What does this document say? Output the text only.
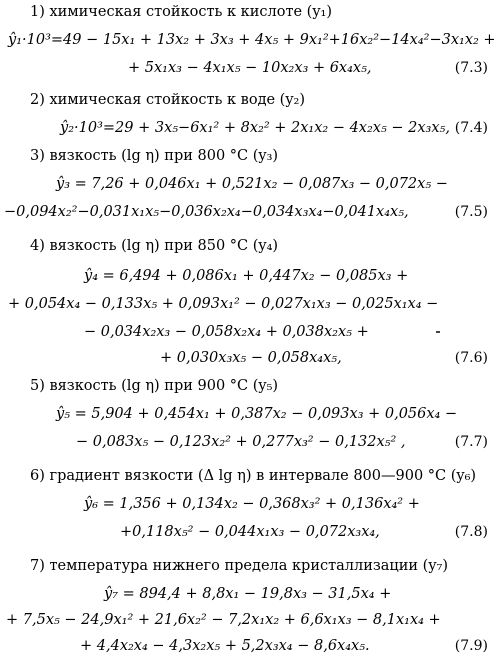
1) химическая стойкость к кислоте (y₁)
ŷ₁·10³=49 − 15x₁ + 13x₂ + 3x₃ + 4x₅ + 9x₁²+16x₂²−14x₄²−3x₁x₂ +
+ 5x₁x₃ − 4x₁x₅ − 10x₂x₃ + 6x₄x₅,	(7.3)
2) химическая стойкость к воде (y₂)
ŷ₂·10³=29 + 3x₅−6x₁² + 8x₂² + 2x₁x₂ − 4x₂x₅ − 2x₃x₅, (7.4)
3) вязкость (lg η) при 800 °C (y₃)
ŷ₃ = 7,26 + 0,046x₁ + 0,521x₂ − 0,087x₃ − 0,072x₅ −
−0,094x₂²−0,031x₁x₅−0,036x₂x₄−0,034x₃x₄−0,041x₄x₅,	(7.5)
4) вязкость (lg η) при 850 °C (y₄)
ŷ₄ = 6,494 + 0,086x₁ + 0,447x₂ − 0,085x₃ +
+ 0,054x₄ − 0,133x₅ + 0,093x₁² − 0,027x₁x₃ − 0,025x₁x₄ −
− 0,034x₂x₃ − 0,058x₂x₄ + 0,038x₂x₅ +
+ 0,030x₃x₅ − 0,058x₄x₅,	(7.6)
5) вязкость (lg η) при 900 °C (y₅)
ŷ₅ = 5,904 + 0,454x₁ + 0,387x₂ − 0,093x₃ + 0,056x₄ −
− 0,083x₅ − 0,123x₂² + 0,277x₃² − 0,132x₅² ,	(7.7)
6) градиент вязкости (Δ lg η) в интервале 800—900 °C (y₆)
ŷ₆ = 1,356 + 0,134x₂ − 0,368x₃² + 0,136x₄² +
+0,118x₅² − 0,044x₁x₃ − 0,072x₃x₄,	(7.8)
7) температура нижнего предела кристаллизации (y₇)
ŷ₇ = 894,4 + 8,8x₁ − 19,8x₃ − 31,5x₄ +
+ 7,5x₅ − 24,9x₁² + 21,6x₂² − 7,2x₁x₂ + 6,6x₁x₃ − 8,1x₁x₄ +
+ 4,4x₂x₄ − 4,3x₂x₅ + 5,2x₃x₄ − 8,6x₄x₅.	(7.9)
